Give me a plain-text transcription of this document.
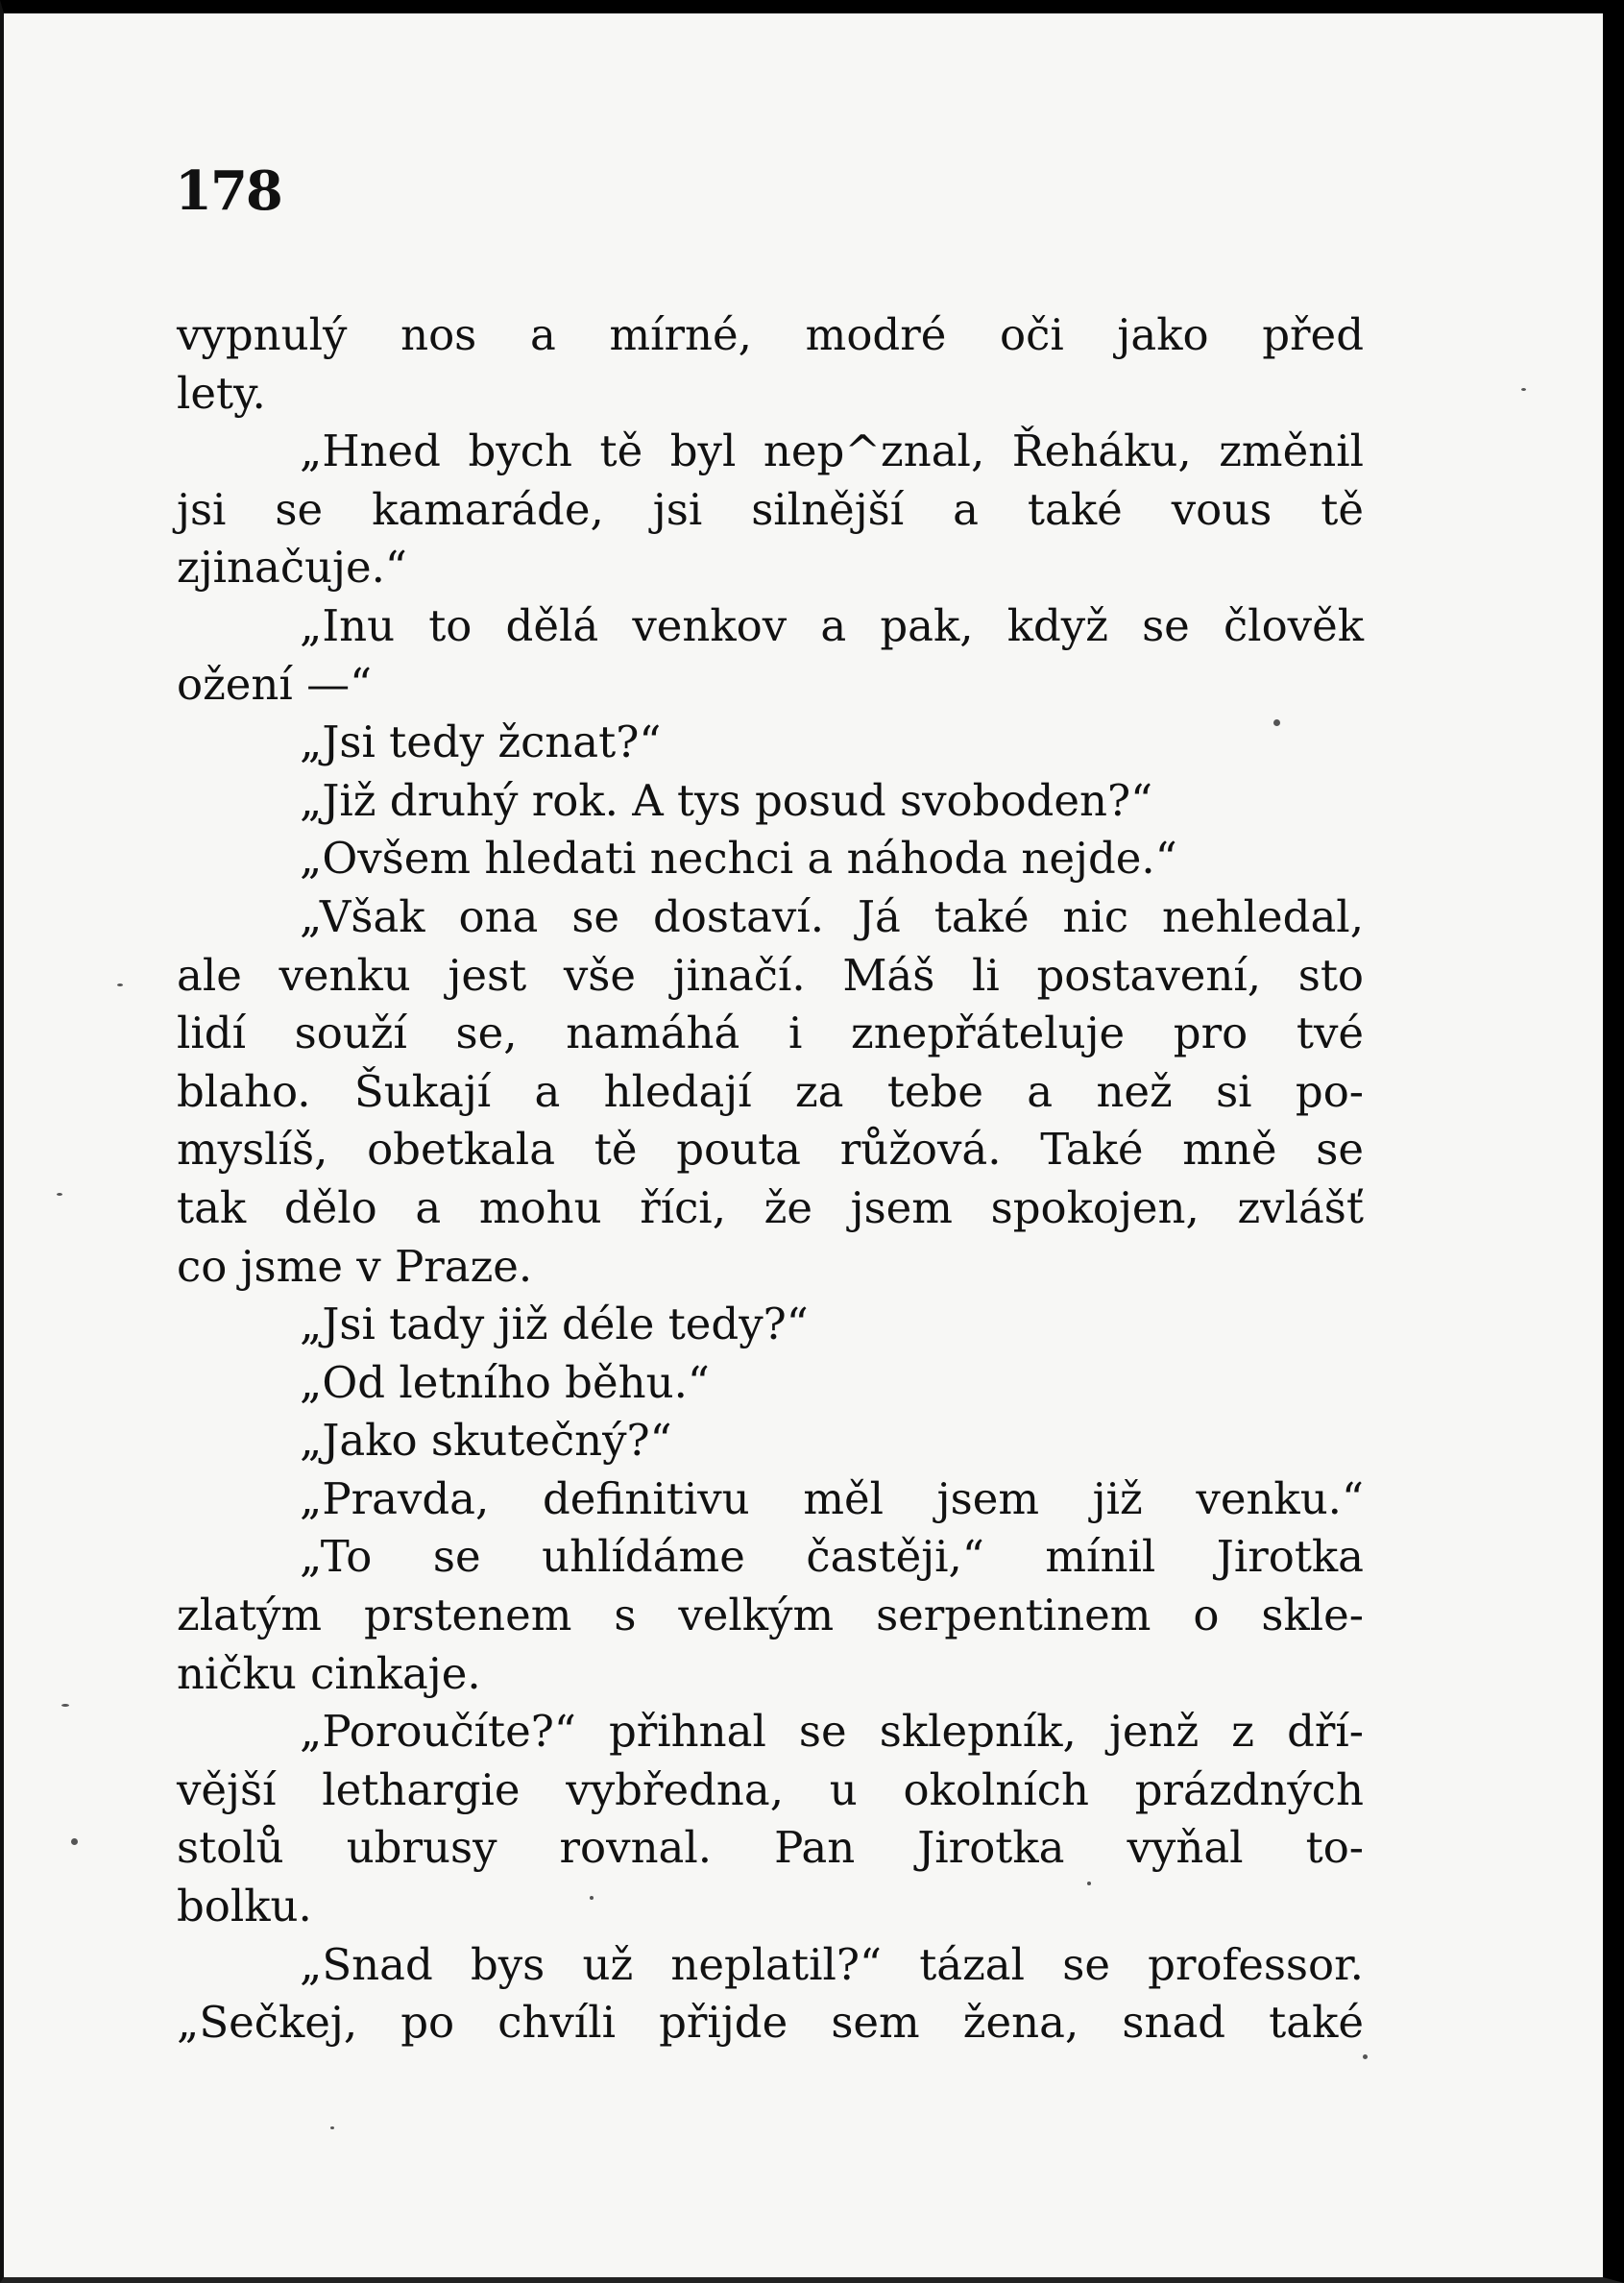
178
vypnulý nos a mírné, modré oči jako před
lety.
„Hned bych tě byl nep^znal, Řeháku, změnil
jsi se kamaráde, jsi silnější a také vous tě
zjinačuje.“
„Inu to dělá venkov a pak, když se člověk
ožení —“
„Jsi tedy žcnat?“
„Již druhý rok. A tys posud svoboden?“
„Ovšem hledati nechci a náhoda nejde.“
„Však ona se dostaví. Já také nic nehledal,
ale venku jest vše jinačí. Máš li postavení, sto
lidí souží se, namáhá i znepřáteluje pro tvé
blaho. Šukají a hledají za tebe a než si po-
myslíš, obetkala tě pouta růžová. Také mně se
tak dělo a mohu říci, že jsem spokojen, zvlášť
co jsme v Praze.
„Jsi tady již déle tedy?“
„Od letního běhu.“
„Jako skutečný?“
„Pravda, definitivu měl jsem již venku.“
„To se uhlídáme častěji,“ mínil Jirotka
zlatým prstenem s velkým serpentinem o skle-
ničku cinkaje.
„Poroučíte?“ přihnal se sklepník, jenž z dří-
vější lethargie vybředna, u okolních prázdných
stolů ubrusy rovnal. Pan Jirotka vyňal to-
bolku.
„Snad bys už neplatil?“ tázal se professor.
„Sečkej, po chvíli přijde sem žena, snad také
